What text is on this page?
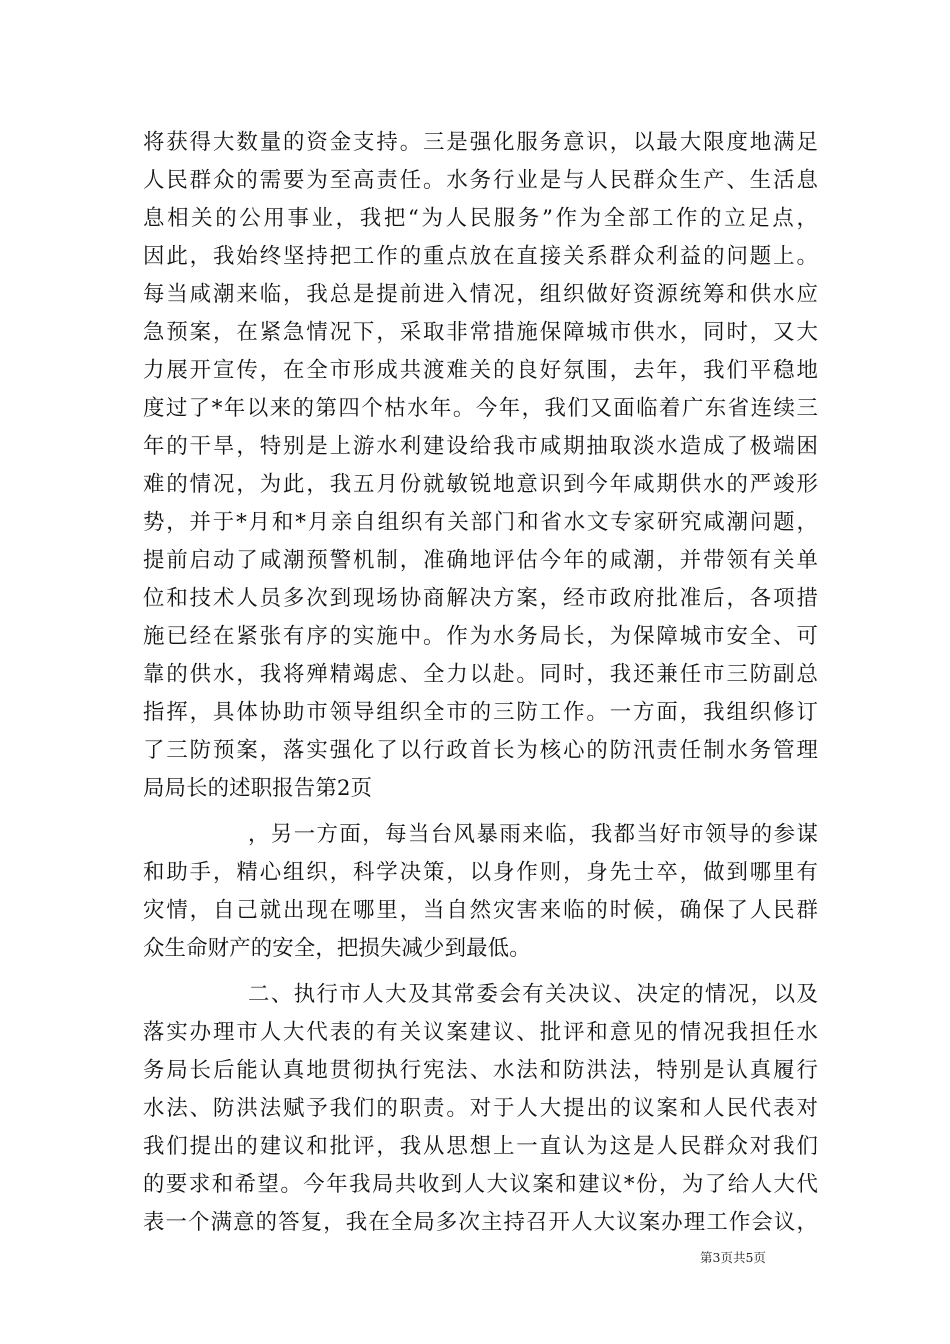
将获得大数量的资金支持。三是强化服务意识，以最大限度地满足
人民群众的需要为至高责任。水务行业是与人民群众生产、生活息
息相关的公用事业，我把“为人民服务”作为全部工作的立足点，
因此，我始终坚持把工作的重点放在直接关系群众利益的问题上。
每当咸潮来临，我总是提前进入情况，组织做好资源统筹和供水应
急预案，在紧急情况下，采取非常措施保障城市供水，同时，又大
力展开宣传，在全市形成共渡难关的良好氛围，去年，我们平稳地
度过了*年以来的第四个枯水年。今年，我们又面临着广东省连续三
年的干旱，特别是上游水利建设给我市咸期抽取淡水造成了极端困
难的情况，为此，我五月份就敏锐地意识到今年咸期供水的严竣形
势，并于*月和*月亲自组织有关部门和省水文专家研究咸潮问题，
提前启动了咸潮预警机制，准确地评估今年的咸潮，并带领有关单
位和技术人员多次到现场协商解决方案，经市政府批准后，各项措
施已经在紧张有序的实施中。作为水务局长，为保障城市安全、可
靠的供水，我将殚精竭虑、全力以赴。同时，我还兼任市三防副总
指挥，具体协助市领导组织全市的三防工作。一方面，我组织修订
了三防预案，落实强化了以行政首长为核心的防汛责任制水务管理
局局长的述职报告第2页
，另一方面，每当台风暴雨来临，我都当好市领导的参谋
和助手，精心组织，科学决策，以身作则，身先士卒，做到哪里有
灾情，自己就出现在哪里，当自然灾害来临的时候，确保了人民群
众生命财产的安全，把损失减少到最低。
二、执行市人大及其常委会有关决议、决定的情况，以及
落实办理市人大代表的有关议案建议、批评和意见的情况我担任水
务局长后能认真地贯彻执行宪法、水法和防洪法，特别是认真履行
水法、防洪法赋予我们的职责。对于人大提出的议案和人民代表对
我们提出的建议和批评，我从思想上一直认为这是人民群众对我们
的要求和希望。今年我局共收到人大议案和建议*份，为了给人大代
表一个满意的答复，我在全局多次主持召开人大议案办理工作会议，
第3页共5页
